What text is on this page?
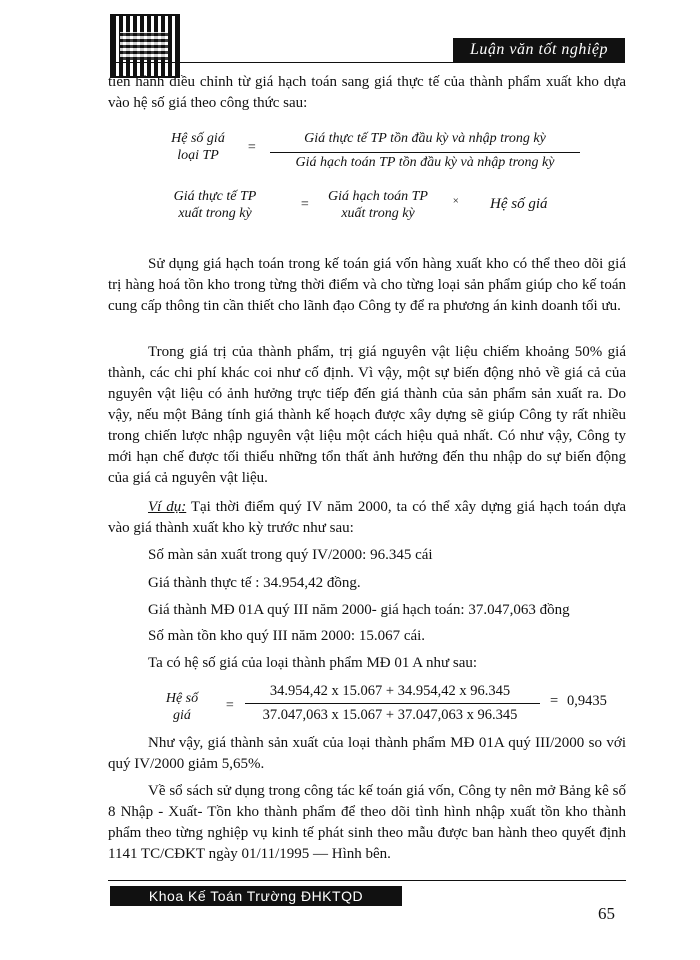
Luận văn tốt nghiệp

tiến hành điều chỉnh từ giá hạch toán sang giá thực tế của thành phẩm xuất kho dựa vào hệ số giá theo công thức sau:

Hệ số giá
loại TP
=
Giá thực tế TP tồn đầu kỳ và nhập trong kỳ
Giá hạch toán TP tồn đầu kỳ và nhập trong kỳ
Giá thực tế TP
xuất trong kỳ
=
Giá hạch toán TP
xuất trong kỳ
× Hệ số giá

Sử dụng giá hạch toán trong kế toán giá vốn hàng xuất kho có thể theo dõi giá trị hàng hoá tồn kho trong từng thời điểm và cho từng loại sản phẩm giúp cho kế toán cung cấp thông tin cần thiết cho lãnh đạo Công ty để ra phương án kinh doanh tối ưu.

Trong giá trị của thành phẩm, trị giá nguyên vật liệu chiếm khoảng 50% giá thành, các chi phí khác coi như cố định. Vì vậy, một sự biến động nhỏ về giá cả của nguyên vật liệu có ảnh hưởng trực tiếp đến giá thành của sản phẩm sản xuất ra. Do vậy, nếu một Bảng tính giá thành kế hoạch được xây dựng sẽ giúp Công ty rất nhiều trong chiến lược nhập nguyên vật liệu một cách hiệu quả nhất. Có như vậy, Công ty mới hạn chế được tối thiểu những tổn thất ảnh hưởng đến thu nhập do sự biến động của giá cả nguyên vật liệu.

Ví dụ: Tại thời điểm quý IV năm 2000, ta có thể xây dựng giá hạch toán dựa vào giá thành xuất kho kỳ trước như sau:

Số màn sản xuất trong quý IV/2000: 96.345 cái

Giá thành thực tế : 34.954,42 đồng.

Giá thành MĐ 01A quý III năm 2000- giá hạch toán: 37.047,063 đồng

Số màn tồn kho quý III năm 2000: 15.067 cái.

Ta có hệ số giá của loại thành phẩm MĐ 01 A như sau:

Hệ số
giá
=
34.954,42 x 15.067 + 34.954,42 x 96.345
37.047,063 x 15.067 + 37.047,063 x 96.345
= 0,9435

Như vậy, giá thành sản xuất của loại thành phẩm MĐ 01A quý III/2000 so với quý IV/2000 giảm 5,65%.

Về sổ sách sử dụng trong công tác kế toán giá vốn, Công ty nên mở Bảng kê số 8 Nhập - Xuất- Tồn kho thành phẩm để theo dõi tình hình nhập xuất tồn kho thành phẩm theo từng nghiệp vụ kinh tế phát sinh theo mẫu được ban hành theo quyết định 1141 TC/CĐKT ngày 01/11/1995 — Hình bên.

Khoa Kế Toán Trường ĐHKTQD
65
